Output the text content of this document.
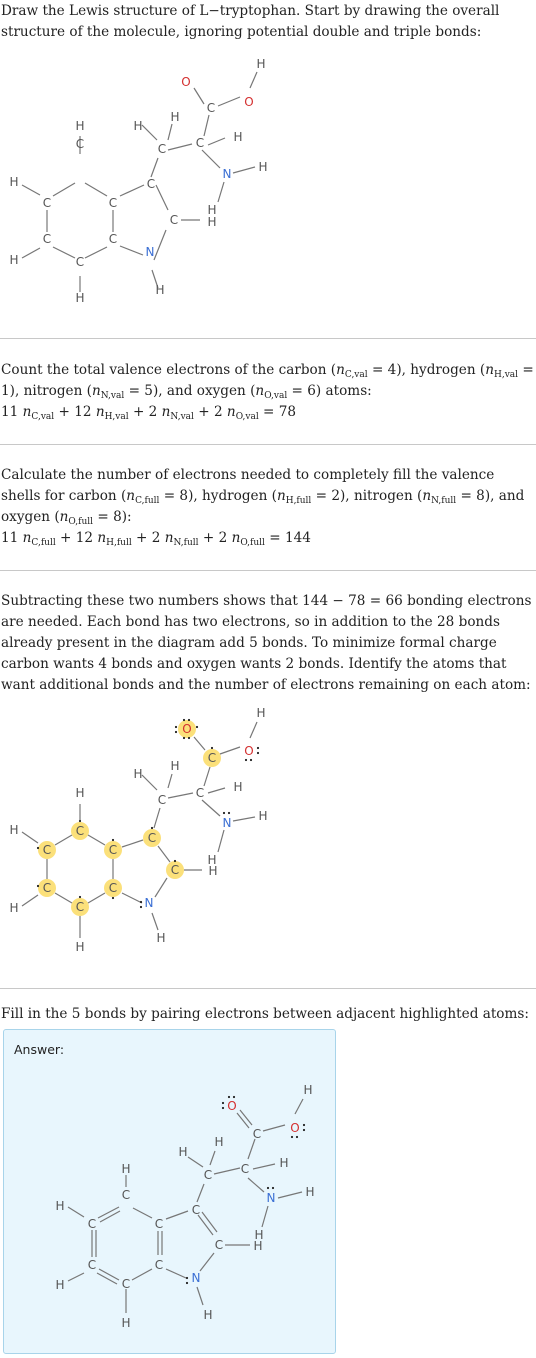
Draw the Lewis structure of L−tryptophan. Start by drawing the overall structure of the molecule, ignoring potential double and triple bonds:

C
C
C
C
C
C
C
C
C C
C
H
H
H
H
H
H
H
H
H
H
H
H
N
N
O
O

Count the total valence electrons of the carbon $(n_{C,val} = 4)$, hydrogen $(n_{H,val} = 1)$, nitrogen $(n_{N,val} = 5)$, and oxygen $(n_{O,val} = 6)$ atoms:

11 $n_{C,val} + 12$ $n_{H,val} + 2$ $n_{N,val} + 2$ $n_{O,val} = 78$

Calculate the number of electrons needed to completely fill the valence shells for carbon $(n_{C,full} = 8)$, hydrogen $(n_{H,full} = 2)$, nitrogen $(n_{N,full} = 8)$, and oxygen $(n_{O,full} = 8)$:

11 $n_{C,full} + 12$ $n_{H,full} + 2$ $n_{N,full} + 2$ $n_{O,full} = 144$

Subtracting these two numbers shows that 144 − 78 = 66 bonding electrons are needed. Each bond has two electrons, so in addition to the 28 bonds already present in the diagram add 5 bonds. To minimize formal charge carbon wants 4 bonds and oxygen wants 2 bonds. Identify the atoms that want additional bonds and the number of electrons remaining on each atom:

C
C
C
C
C
C
C
C
C C
C
H
H
H
H
H
H
H
H
H
H
H
H
N
N
O
O

Fill in the 5 bonds by pairing electrons between adjacent highlighted atoms:

Answer:
C
C
C
C
C
C
C
C
C C
C
H
H
H
H
H
H
H
H
H
H
H
H
N
N
O
O
